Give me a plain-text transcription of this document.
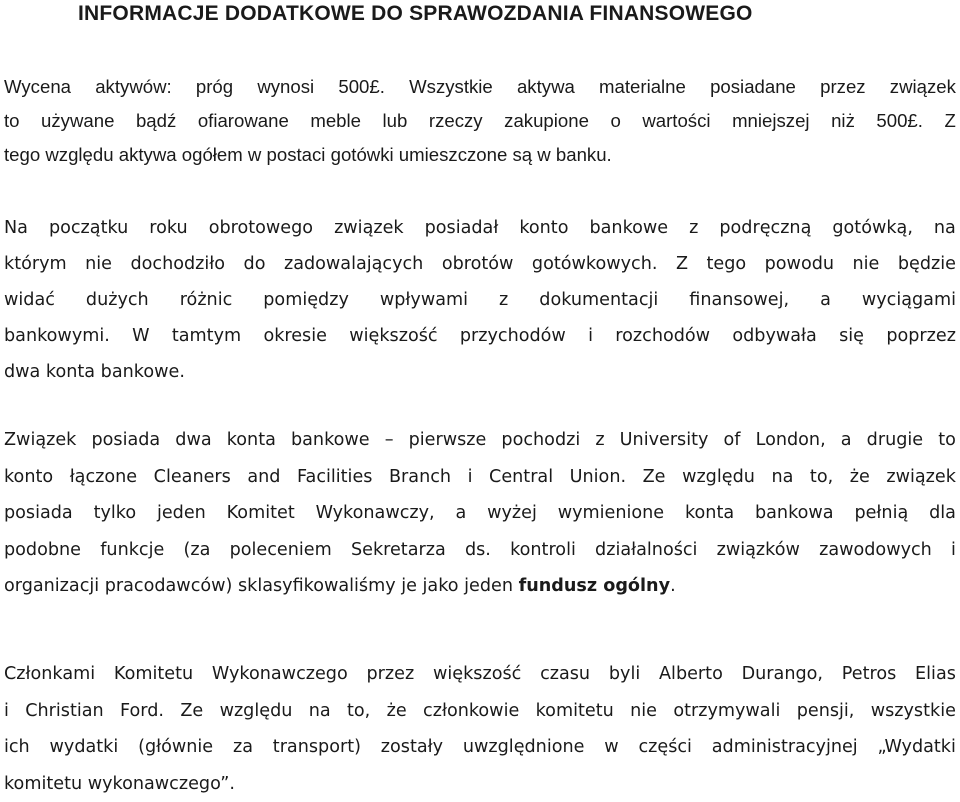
INFORMACJE DODATKOWE DO SPRAWOZDANIA FINANSOWEGO
Wycena aktywów: próg wynosi 500£. Wszystkie aktywa materialne posiadane przez związek
to używane bądź ofiarowane meble lub rzeczy zakupione o wartości mniejszej niż 500£. Z
tego względu aktywa ogółem w postaci gotówki umieszczone są w banku.
Na początku roku obrotowego związek posiadał konto bankowe z podręczną gotówką, na
którym nie dochodziło do zadowalających obrotów gotówkowych. Z tego powodu nie będzie
widać dużych różnic pomiędzy wpływami z dokumentacji finansowej, a wyciągami
bankowymi. W tamtym okresie większość przychodów i rozchodów odbywała się poprzez
dwa konta bankowe.
Związek posiada dwa konta bankowe – pierwsze pochodzi z University of London, a drugie to
konto łączone Cleaners and Facilities Branch i Central Union. Ze względu na to, że związek
posiada tylko jeden Komitet Wykonawczy, a wyżej wymienione konta bankowa pełnią dla
podobne funkcje (za poleceniem Sekretarza ds. kontroli działalności związków zawodowych i
organizacji pracodawców) sklasyfikowaliśmy je jako jeden fundusz ogólny.
Członkami Komitetu Wykonawczego przez większość czasu byli Alberto Durango, Petros Elias
i Christian Ford. Ze względu na to, że członkowie komitetu nie otrzymywali pensji, wszystkie
ich wydatki (głównie za transport) zostały uwzględnione w części administracyjnej „Wydatki
komitetu wykonawczego”.
